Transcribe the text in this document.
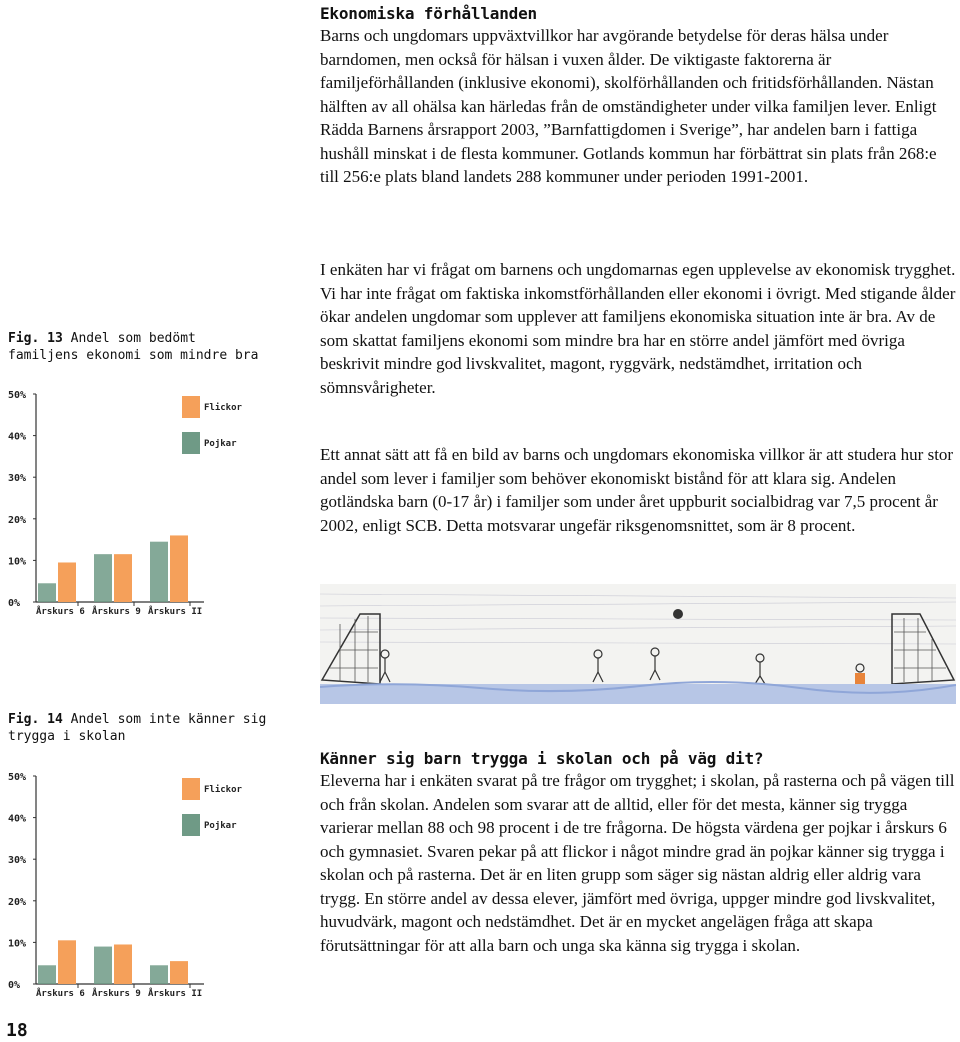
Ekonomiska förhållanden

Barns och ungdomars uppväxtvillkor har avgörande betydelse för deras hälsa under barndomen, men också för hälsan i vuxen ålder. De viktigaste faktorerna är familjeförhållanden (inklusive ekonomi), skolförhållanden och fritidsförhållanden. Nästan hälften av all ohälsa kan härledas från de omständigheter under vilka familjen lever. Enligt Rädda Barnens årsrapport 2003, ”Barnfattigdomen i Sverige”, har andelen barn i fattiga hushåll minskat i de flesta kommuner. Gotlands kommun har förbättrat sin plats från 268:e till 256:e plats bland landets 288 kommuner under perioden 1991-2001.

I enkäten har vi frågat om barnens och ungdomarnas egen upplevelse av ekonomisk trygghet. Vi har inte frågat om faktiska inkomstförhållanden eller ekonomi i övrigt. Med stigande ålder ökar andelen ungdomar som upplever att familjens ekonomiska situation inte är bra. Av de som skattat familjens ekonomi som mindre bra har en större andel jämfört med övriga beskrivit mindre god livskvalitet, magont, ryggvärk, nedstämdhet, irritation och sömnsvårigheter.

Ett annat sätt att få en bild av barns och ungdomars ekonomiska villkor är att studera hur stor andel som lever i familjer som behöver ekonomiskt bistånd för att klara sig. Andelen gotländska barn (0-17 år) i familjer som under året uppburit socialbidrag var 7,5 procent år 2002, enligt SCB. Detta motsvarar ungefär riksgenomsnittet, som är 8 procent.

Fig. 13 Andel som bedömt familjens ekonomi som mindre bra
0%
10%
20%
30%
40%
50%
Årskurs 6 Årskurs 9 Årskurs II
Flickor
Pojkar
Fig. 14 Andel som inte känner sig trygga i skolan
0%
10%
20%
30%
40%
50%
Årskurs 6 Årskurs 9 Årskurs II
Flickor
Pojkar
Känner sig barn trygga i skolan och på väg dit?

Eleverna har i enkäten svarat på tre frågor om trygghet; i skolan, på rasterna och på vägen till och från skolan. Andelen som svarar att de alltid, eller för det mesta, känner sig trygga varierar mellan 88 och 98 procent i de tre frågorna. De högsta värdena ger pojkar i årskurs 6 och gymnasiet. Svaren pekar på att flickor i något mindre grad än pojkar känner sig trygga i skolan och på rasterna. Det är en liten grupp som säger sig nästan aldrig eller aldrig vara trygg. En större andel av dessa elever, jämfört med övriga, uppger mindre god livskvalitet, huvudvärk, magont och nedstämdhet. Det är en mycket angelägen fråga att skapa förutsättningar för att alla barn och unga ska känna sig trygga i skolan.

18
